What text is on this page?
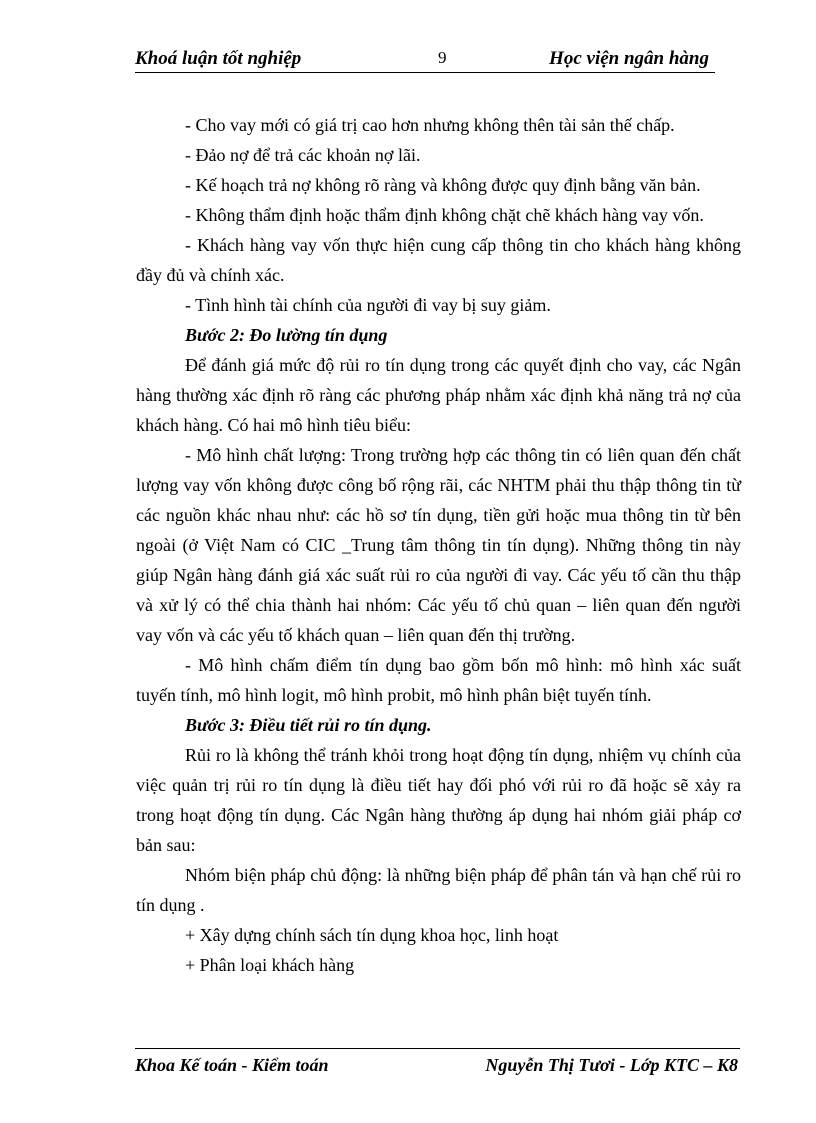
Khoá luận tốt nghiệp	9	Học viện ngân hàng

- Cho vay mới có giá trị cao hơn nhưng không thên tài sản thế chấp.

- Đảo nợ để trả các khoản nợ lãi.

- Kế hoạch trả nợ không rõ ràng và không được quy định bằng văn bản.

- Không thẩm định hoặc thẩm định không chặt chẽ khách hàng vay vốn.

- Khách hàng vay vốn thực hiện cung cấp thông tin cho khách hàng không đầy đủ và chính xác.

- Tình hình tài chính của người đi vay bị suy giảm.

Bước 2: Đo lường tín dụng

Để đánh giá mức độ rủi ro tín dụng trong các quyết định cho vay, các Ngân hàng thường xác định rõ ràng các phương pháp nhằm xác định khả năng trả nợ của khách hàng. Có hai mô hình tiêu biểu:

- Mô hình chất lượng: Trong trường hợp các thông tin có liên quan đến chất lượng vay vốn không được công bố rộng rãi, các NHTM phải thu thập thông tin từ các nguồn khác nhau như: các hồ sơ tín dụng, tiền gửi hoặc mua thông tin từ bên ngoài (ở Việt Nam có CIC _Trung tâm thông tin tín dụng). Những thông tin này giúp Ngân hàng đánh giá xác suất rủi ro của người đi vay. Các yếu tố cần thu thập và xử lý có thể chia thành hai nhóm: Các yếu tố chủ quan – liên quan đến người vay vốn và các yếu tố khách quan – liên quan đến thị trường.

- Mô hình chấm điểm tín dụng bao gồm bốn mô hình: mô hình xác suất tuyến tính, mô hình logit, mô hình probit, mô hình phân biệt tuyến tính.

Bước 3: Điều tiết rủi ro tín dụng.

Rủi ro là không thể tránh khỏi trong hoạt động tín dụng, nhiệm vụ chính của việc quản trị rủi ro tín dụng là điều tiết hay đối phó với rủi ro đã hoặc sẽ xảy ra trong hoạt động tín dụng. Các Ngân hàng thường áp dụng hai nhóm giải pháp cơ bản sau:

Nhóm biện pháp chủ động: là những biện pháp để phân tán và hạn chế rủi ro tín dụng .

+ Xây dựng chính sách tín dụng khoa học, linh hoạt

+ Phân loại khách hàng

Khoa Kế toán - Kiểm toán	Nguyễn Thị Tươi - Lớp KTC – K8
